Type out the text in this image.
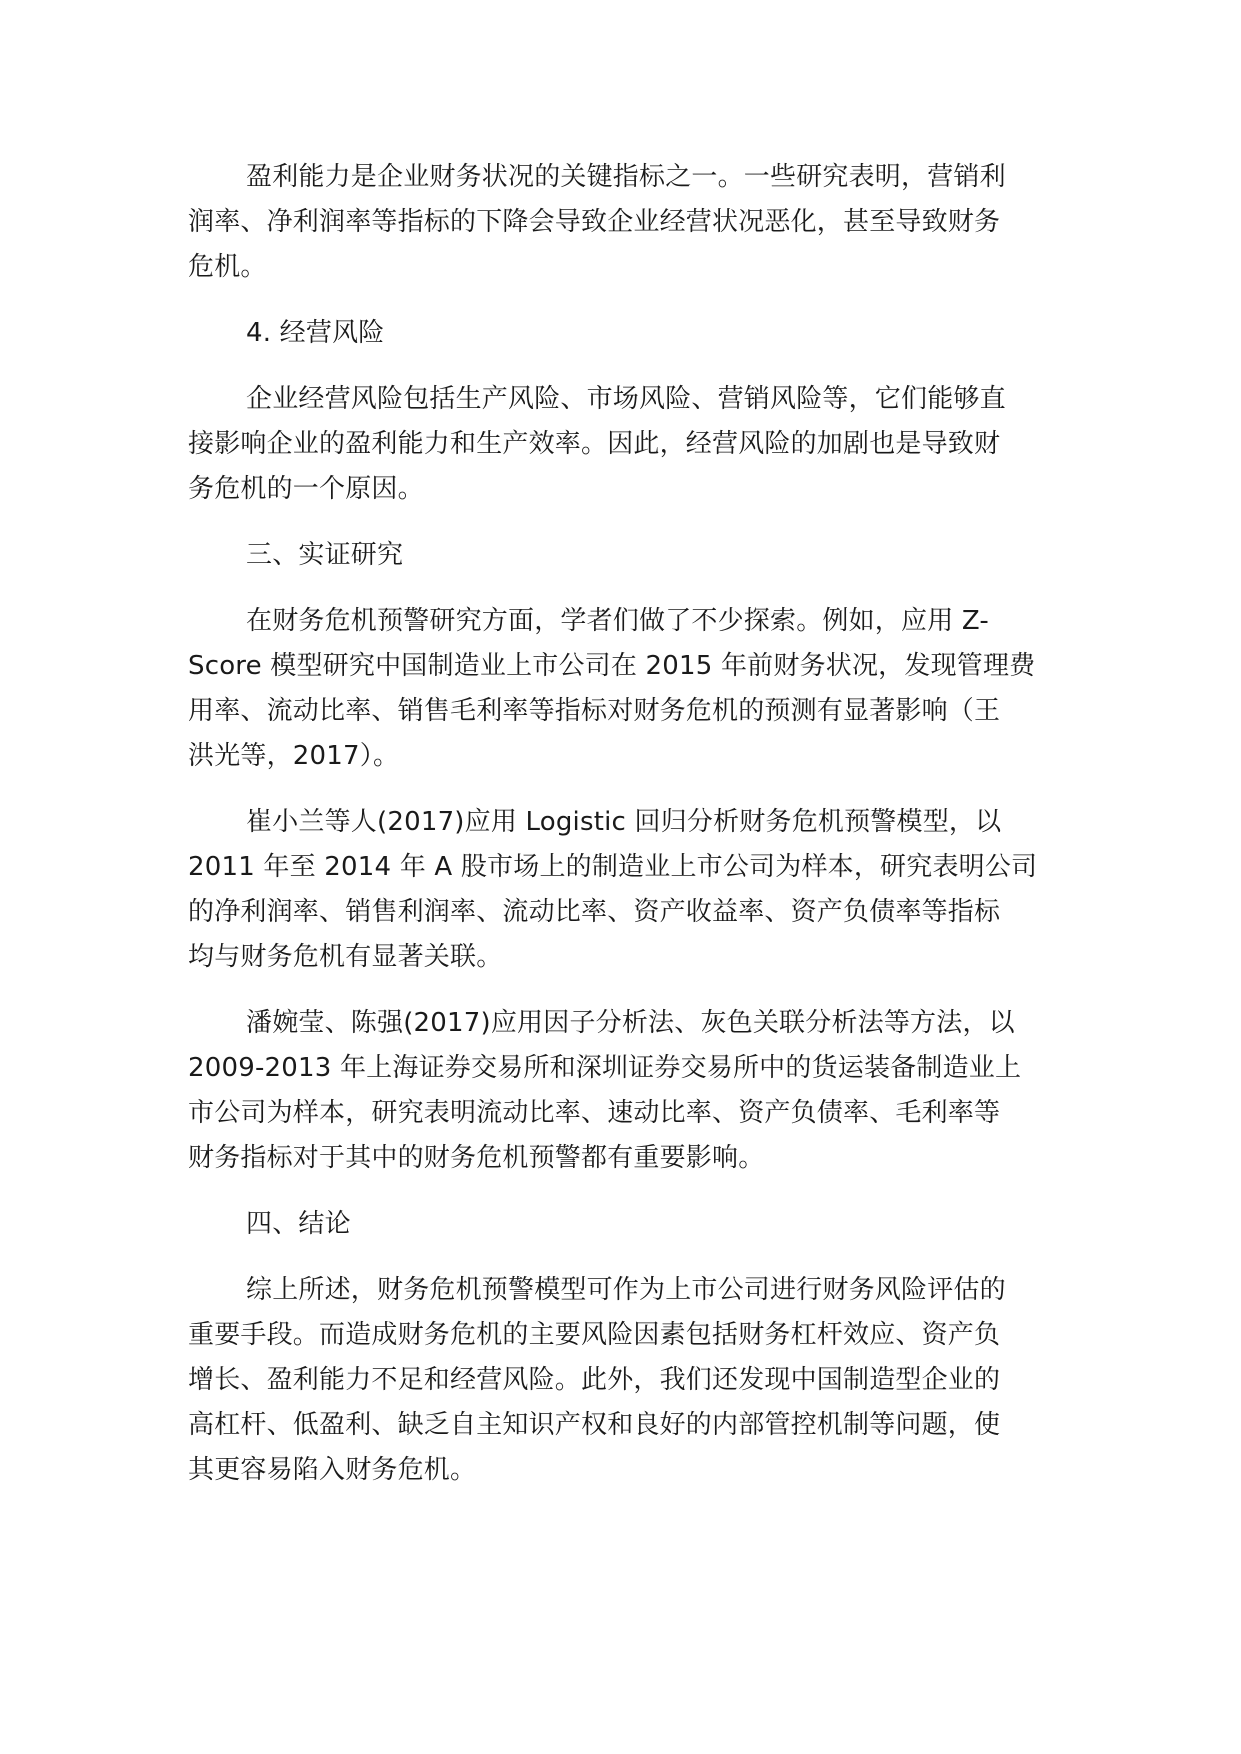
盈利能力是企业财务状况的关键指标之一。一些研究表明，营销利
润率、净利润率等指标的下降会导致企业经营状况恶化，甚至导致财务
危机。
4. 经营风险
企业经营风险包括生产风险、市场风险、营销风险等，它们能够直
接影响企业的盈利能力和生产效率。因此，经营风险的加剧也是导致财
务危机的一个原因。
三、实证研究
在财务危机预警研究方面，学者们做了不少探索。例如，应用 Z-
Score 模型研究中国制造业上市公司在 2015 年前财务状况，发现管理费
用率、流动比率、销售毛利率等指标对财务危机的预测有显著影响（王
洪光等，2017）。
崔小兰等人(2017)应用 Logistic 回归分析财务危机预警模型，以
2011 年至 2014 年 A 股市场上的制造业上市公司为样本，研究表明公司
的净利润率、销售利润率、流动比率、资产收益率、资产负债率等指标
均与财务危机有显著关联。
潘婉莹、陈强(2017)应用因子分析法、灰色关联分析法等方法，以
2009-2013 年上海证券交易所和深圳证券交易所中的货运装备制造业上
市公司为样本，研究表明流动比率、速动比率、资产负债率、毛利率等
财务指标对于其中的财务危机预警都有重要影响。
四、结论
综上所述，财务危机预警模型可作为上市公司进行财务风险评估的
重要手段。而造成财务危机的主要风险因素包括财务杠杆效应、资产负
增长、盈利能力不足和经营风险。此外，我们还发现中国制造型企业的
高杠杆、低盈利、缺乏自主知识产权和良好的内部管控机制等问题，使
其更容易陷入财务危机。
